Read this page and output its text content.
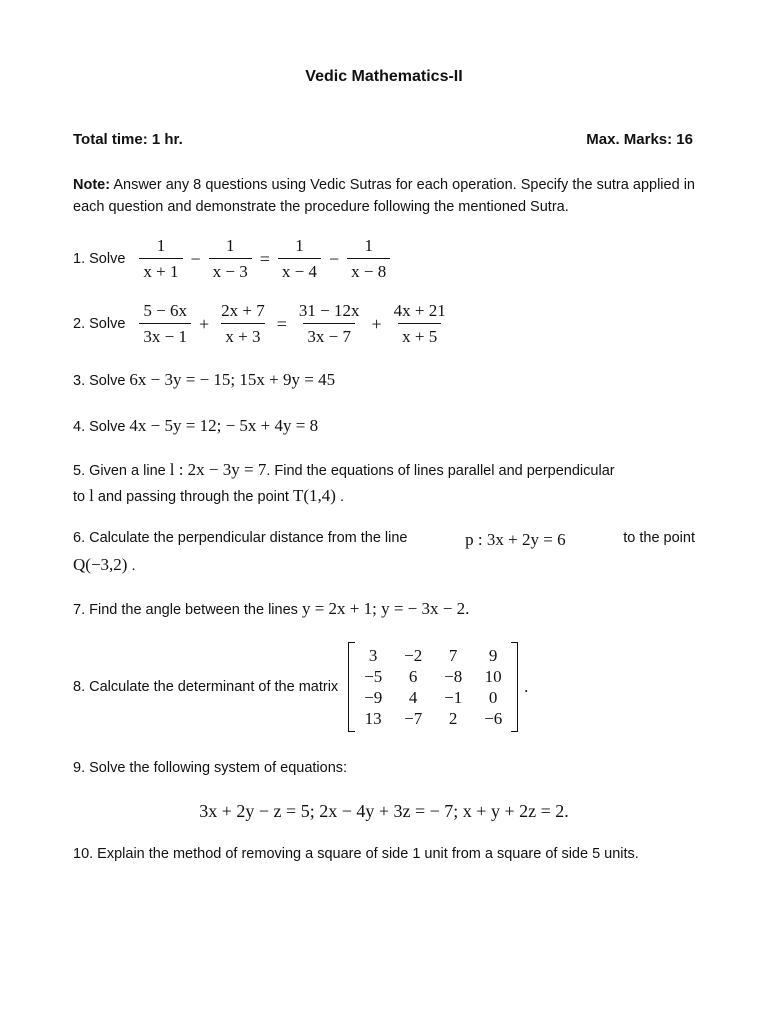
Vedic Mathematics-II
Total time: 1 hr.	Max. Marks: 16
Note: Answer any 8 questions using Vedic Sutras for each operation. Specify the sutra applied in each question and demonstrate the procedure following the mentioned Sutra.
1. Solve $\frac{1}{x + 1} - \frac{1}{x - 3} = \frac{1}{x - 4} - \frac{1}{x - 8}$
2. Solve $\frac{5 - 6x}{3x - 1} + \frac{2x + 7}{x + 3} = \frac{31 - 12x}{3x - 7} + \frac{4x + 21}{x + 5}$
3. Solve 6x − 3y = − 15; 15x + 9y = 45
4. Solve 4x − 5y = 12; − 5x + 4y = 8
5. Given a line l : 2x − 3y = 7. Find the equations of lines parallel and perpendicular
to l and passing through the point T(1,4) .
6. Calculate the perpendicular distance from the line	p : 3x + 2y = 6	to the point
Q(−3,2) .
7. Find the angle between the lines y = 2x + 1; y = − 3x − 2.
8. Calculate the determinant of the matrix
3	−2	7	9
−5	6	−8	10
−9	4	−1	0
13	−7	2	−6
.
9. Solve the following system of equations:
3x + 2y − z = 5; 2x − 4y + 3z = − 7; x + y + 2z = 2.
10. Explain the method of removing a square of side 1 unit from a square of side 5 units.
